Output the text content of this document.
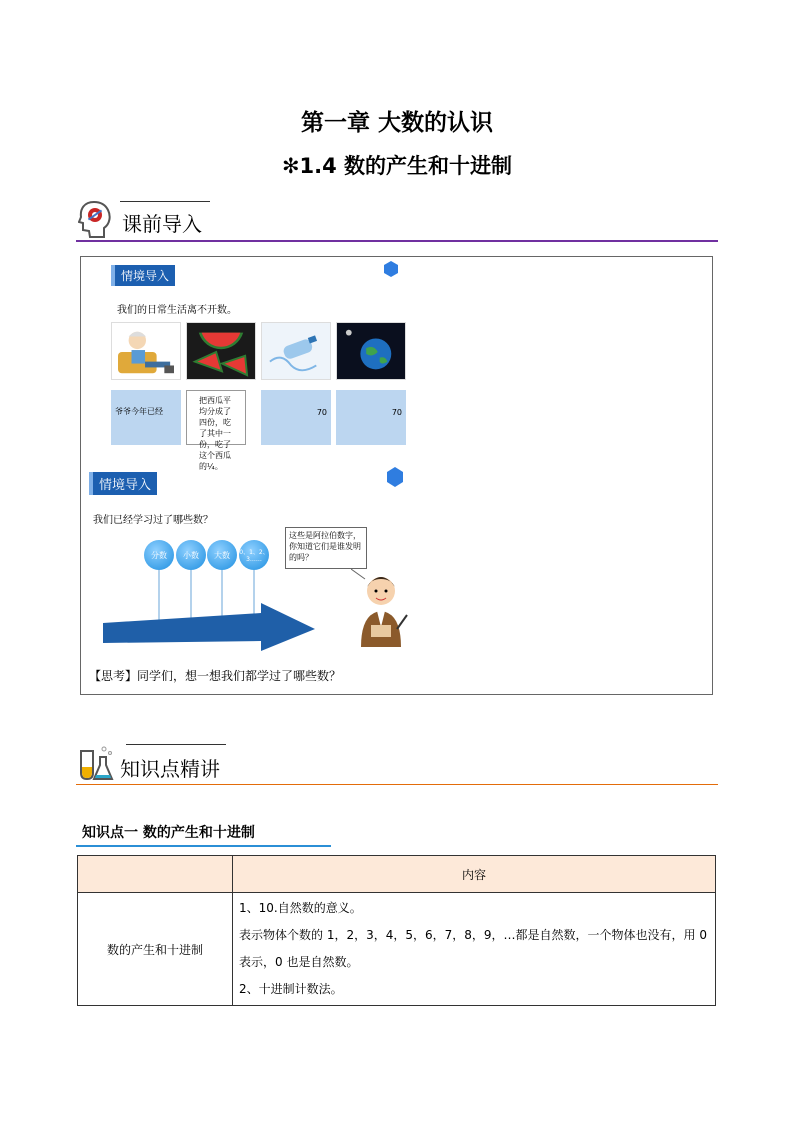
第一章 大数的认识
✻1.4 数的产生和十进制
课前导入
情境导入
我们的日常生活离不开数。
爷爷今年已经
把西瓜平均分成了四份，吃了其中一份，吃了这个西瓜的¼。
70	70
情境导入
我们已经学习过了哪些数？
分数	小数	大数	0、1、2、3……
这些是阿拉伯数字，你知道它们是谁发明的吗？
【思考】同学们，想一想我们都学过了哪些数？
知识点精讲
知识点一 数的产生和十进制
	内容
数的产生和十进制	1、10.自然数的意义。
表示物体个数的 1，2，3，4，5，6，7，8，9，…都是自然数，一个物体也没有，用 0 表示，0 也是自然数。
2、十进制计数法。
